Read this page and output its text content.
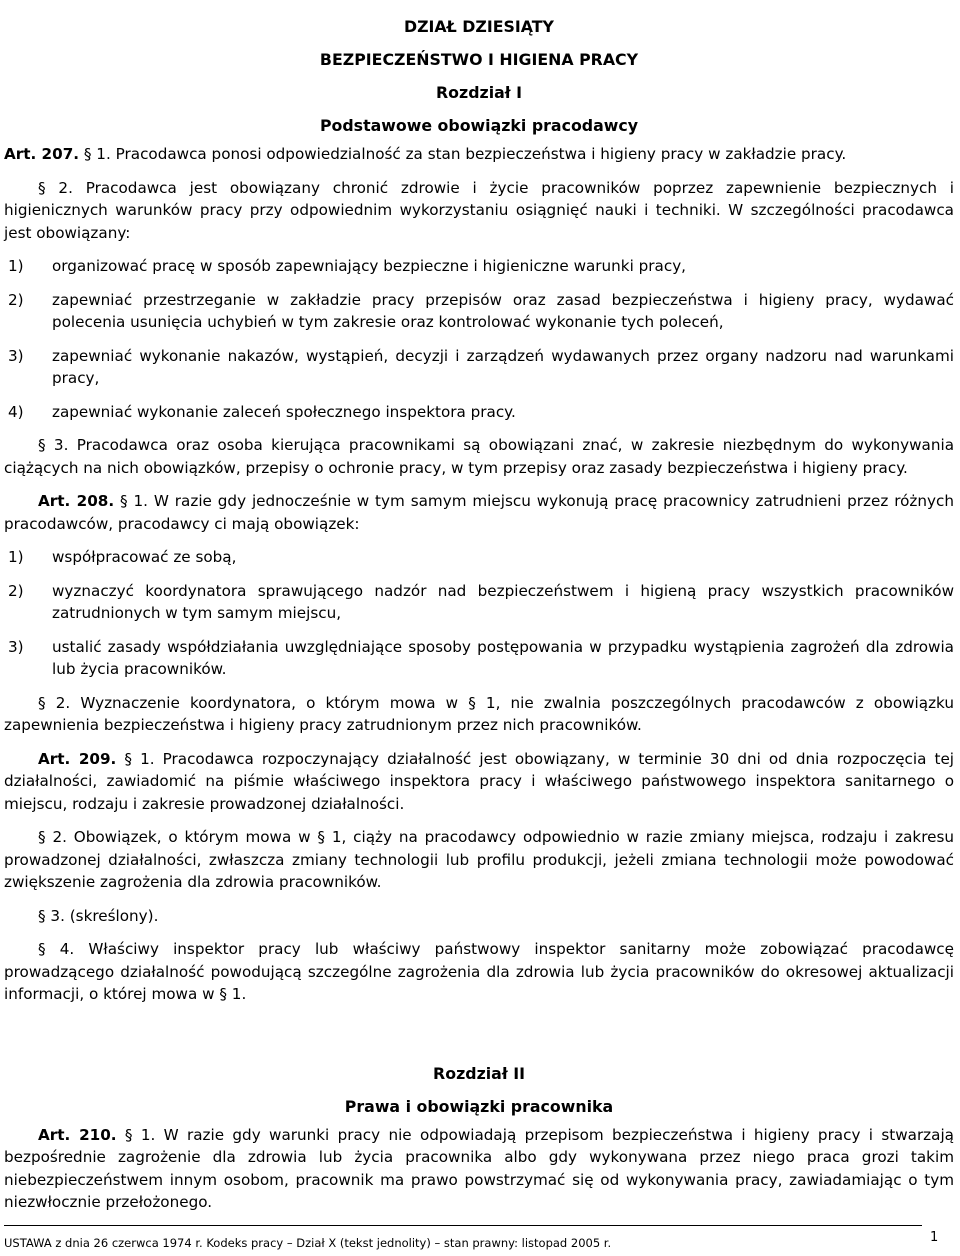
DZIAŁ DZIESIĄTY

BEZPIECZEŃSTWO I HIGIENA PRACY

Rozdział I

Podstawowe obowiązki pracodawcy

Art. 207. § 1. Pracodawca ponosi odpowiedzialność za stan bezpieczeństwa i higieny pracy w zakładzie pracy.

§ 2. Pracodawca jest obowiązany chronić zdrowie i życie pracowników poprzez zapewnienie bezpiecznych i higienicznych warunków pracy przy odpowiednim wykorzystaniu osiągnięć nauki i techniki. W szczególności pracodawca jest obowiązany:

1)	organizować pracę w sposób zapewniający bezpieczne i higieniczne warunki pracy,
2)	zapewniać przestrzeganie w zakładzie pracy przepisów oraz zasad bezpieczeństwa i higieny pracy, wydawać polecenia usunięcia uchybień w tym zakresie oraz kontrolować wykonanie tych poleceń,
3)	zapewniać wykonanie nakazów, wystąpień, decyzji i zarządzeń wydawanych przez organy nadzoru nad warunkami pracy,
4)	zapewniać wykonanie zaleceń społecznego inspektora pracy.

§ 3. Pracodawca oraz osoba kierująca pracownikami są obowiązani znać, w zakresie niezbędnym do wykonywania ciążących na nich obowiązków, przepisy o ochronie pracy, w tym przepisy oraz zasady bezpieczeństwa i higieny pracy.

Art. 208. § 1. W razie gdy jednocześnie w tym samym miejscu wykonują pracę pracownicy zatrudnieni przez różnych pracodawców, pracodawcy ci mają obowiązek:

1)	współpracować ze sobą,
2)	wyznaczyć koordynatora sprawującego nadzór nad bezpieczeństwem i higieną pracy wszystkich pracowników zatrudnionych w tym samym miejscu,
3)	ustalić zasady współdziałania uwzględniające sposoby postępowania w przypadku wystąpienia zagrożeń dla zdrowia lub życia pracowników.

§ 2. Wyznaczenie koordynatora, o którym mowa w § 1, nie zwalnia poszczególnych pracodawców z obowiązku zapewnienia bezpieczeństwa i higieny pracy zatrudnionym przez nich pracowników.

Art. 209. § 1. Pracodawca rozpoczynający działalność jest obowiązany, w terminie 30 dni od dnia rozpoczęcia tej działalności, zawiadomić na piśmie właściwego inspektora pracy i właściwego państwowego inspektora sanitarnego o miejscu, rodzaju i zakresie prowadzonej działalności.

§ 2. Obowiązek, o którym mowa w § 1, ciąży na pracodawcy odpowiednio w razie zmiany miejsca, rodzaju i zakresu prowadzonej działalności, zwłaszcza zmiany technologii lub profilu produkcji, jeżeli zmiana technologii może powodować zwiększenie zagrożenia dla zdrowia pracowników.

§ 3. (skreślony).

§ 4. Właściwy inspektor pracy lub właściwy państwowy inspektor sanitarny może zobowiązać pracodawcę prowadzącego działalność powodującą szczególne zagrożenia dla zdrowia lub życia pracowników do okresowej aktualizacji informacji, o której mowa w § 1.

Rozdział II

Prawa i obowiązki pracownika

Art. 210. § 1. W razie gdy warunki pracy nie odpowiadają przepisom bezpieczeństwa i higieny pracy i stwarzają bezpośrednie zagrożenie dla zdrowia lub życia pracownika albo gdy wykonywana przez niego praca grozi takim niebezpieczeństwem innym osobom, pracownik ma prawo powstrzymać się od wykonywania pracy, zawiadamiając o tym niezwłocznie przełożonego.

1
USTAWA z dnia 26 czerwca 1974 r. Kodeks pracy – Dział X (tekst jednolity) – stan prawny: listopad 2005 r.
